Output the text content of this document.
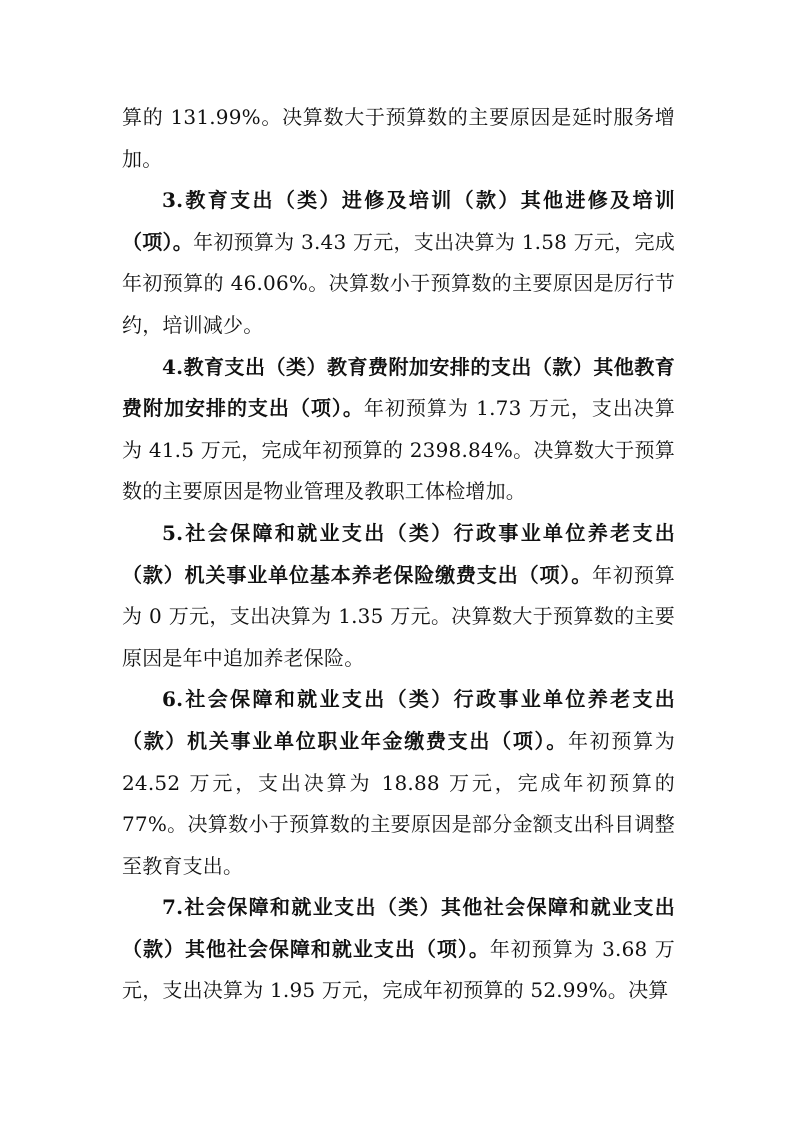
算的 131.99%。决算数大于预算数的主要原因是延时服务增加。

3.教育支出（类）进修及培训（款）其他进修及培训（项）。年初预算为 3.43 万元，支出决算为 1.58 万元，完成年初预算的 46.06%。决算数小于预算数的主要原因是厉行节约，培训减少。

4.教育支出（类）教育费附加安排的支出（款）其他教育费附加安排的支出（项）。年初预算为 1.73 万元，支出决算为 41.5 万元，完成年初预算的 2398.84%。决算数大于预算数的主要原因是物业管理及教职工体检增加。

5.社会保障和就业支出（类）行政事业单位养老支出（款）机关事业单位基本养老保险缴费支出（项）。年初预算为 0 万元，支出决算为 1.35 万元。决算数大于预算数的主要原因是年中追加养老保险。

6.社会保障和就业支出（类）行政事业单位养老支出（款）机关事业单位职业年金缴费支出（项）。年初预算为 24.52 万元，支出决算为 18.88 万元，完成年初预算的 77%。决算数小于预算数的主要原因是部分金额支出科目调整至教育支出。

7.社会保障和就业支出（类）其他社会保障和就业支出（款）其他社会保障和就业支出（项）。年初预算为 3.68 万元，支出决算为 1.95 万元，完成年初预算的 52.99%。决算
